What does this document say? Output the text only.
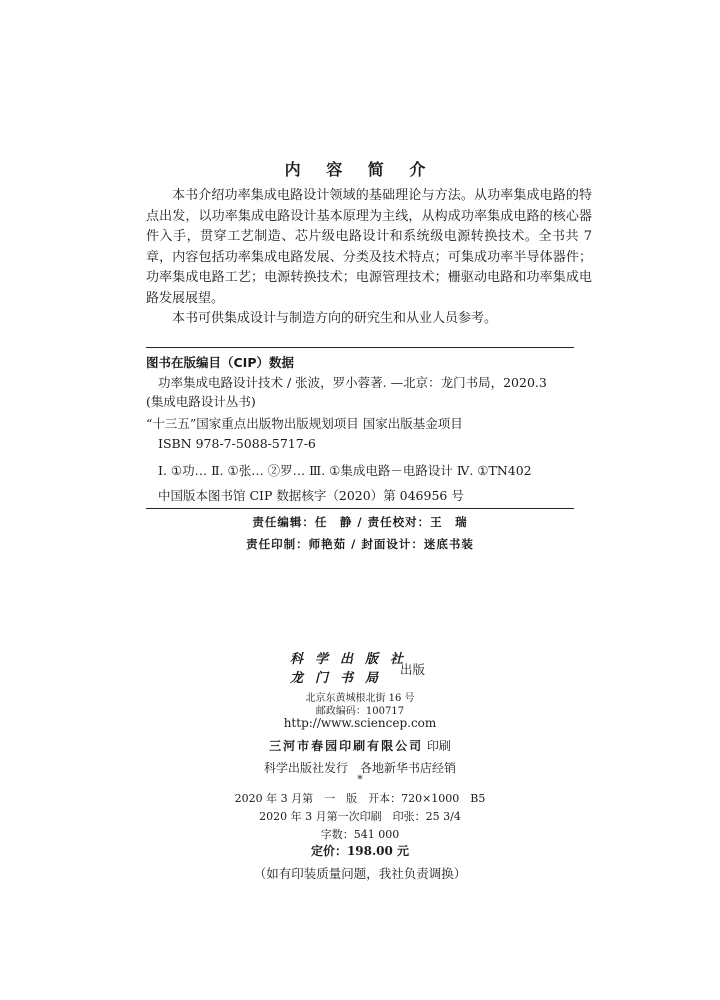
内 容 简 介

本书介绍功率集成电路设计领域的基础理论与方法。从功率集成电路的特点出发，以功率集成电路设计基本原理为主线，从构成功率集成电路的核心器件入手，贯穿工艺制造、芯片级电路设计和系统级电源转换技术。全书共 7 章，内容包括功率集成电路发展、分类及技术特点；可集成功率半导体器件；功率集成电路工艺；电源转换技术；电源管理技术；栅驱动电路和功率集成电路发展展望。

本书可供集成设计与制造方向的研究生和从业人员参考。

图书在版编目（CIP）数据
功率集成电路设计技术 / 张波，罗小蓉著. —北京：龙门书局，2020.3
(集成电路设计丛书)
“十三五”国家重点出版物出版规划项目 国家出版基金项目
ISBN 978-7-5088-5717-6
Ⅰ. ①功… Ⅱ. ①张… ②罗… Ⅲ. ①集成电路－电路设计 Ⅳ. ①TN402
中国版本图书馆 CIP 数据核字（2020）第 046956 号
责任编辑：任　静 / 责任校对：王　瑞
责任印制：师艳茹 / 封面设计：迷底书装
科学出版社
龙门书局
出版
北京东黄城根北街 16 号
邮政编码：100717
http://www.sciencep.com
三河市春园印刷有限公司 印刷
科学出版社发行　各地新华书店经销
*
2020 年 3 月第　一　版　开本：720×1000　B5
2020 年 3 月第一次印刷　印张：25 3/4
字数：541 000
定价：198.00 元
（如有印装质量问题，我社负责调换）
